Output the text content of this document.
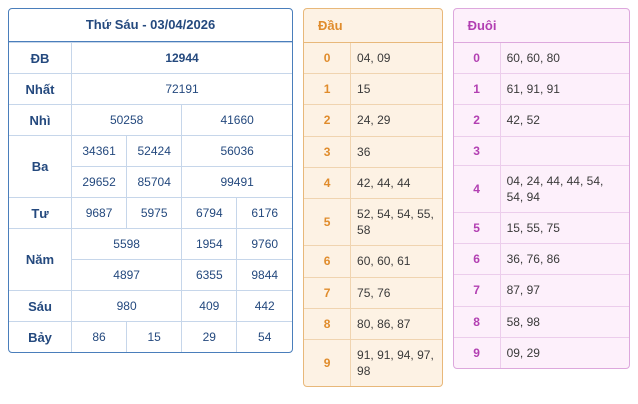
Thứ Sáu - 03/04/2026
ĐB	12944			
Nhất	72191			
Nhì	50258		41660	
Ba	34361	52424	56036	
	29652	85704	99491	
Tư	9687	5975	6794	6176
Năm	5598		1954	9760
	4897		6355	9844
Sáu	980		409	442
Bảy	86	15	29	54
Đầu
0	04, 09
1	15
2	24, 29
3	36
4	42, 44, 44
5	52, 54, 54, 55, 58
6	60, 60, 61
7	75, 76
8	80, 86, 87
9	91, 91, 94, 97, 98
Đuôi
0	60, 60, 80
1	61, 91, 91
2	42, 52
3	
4	04, 24, 44, 44, 54, 54, 94
5	15, 55, 75
6	36, 76, 86
7	87, 97
8	58, 98
9	09, 29
